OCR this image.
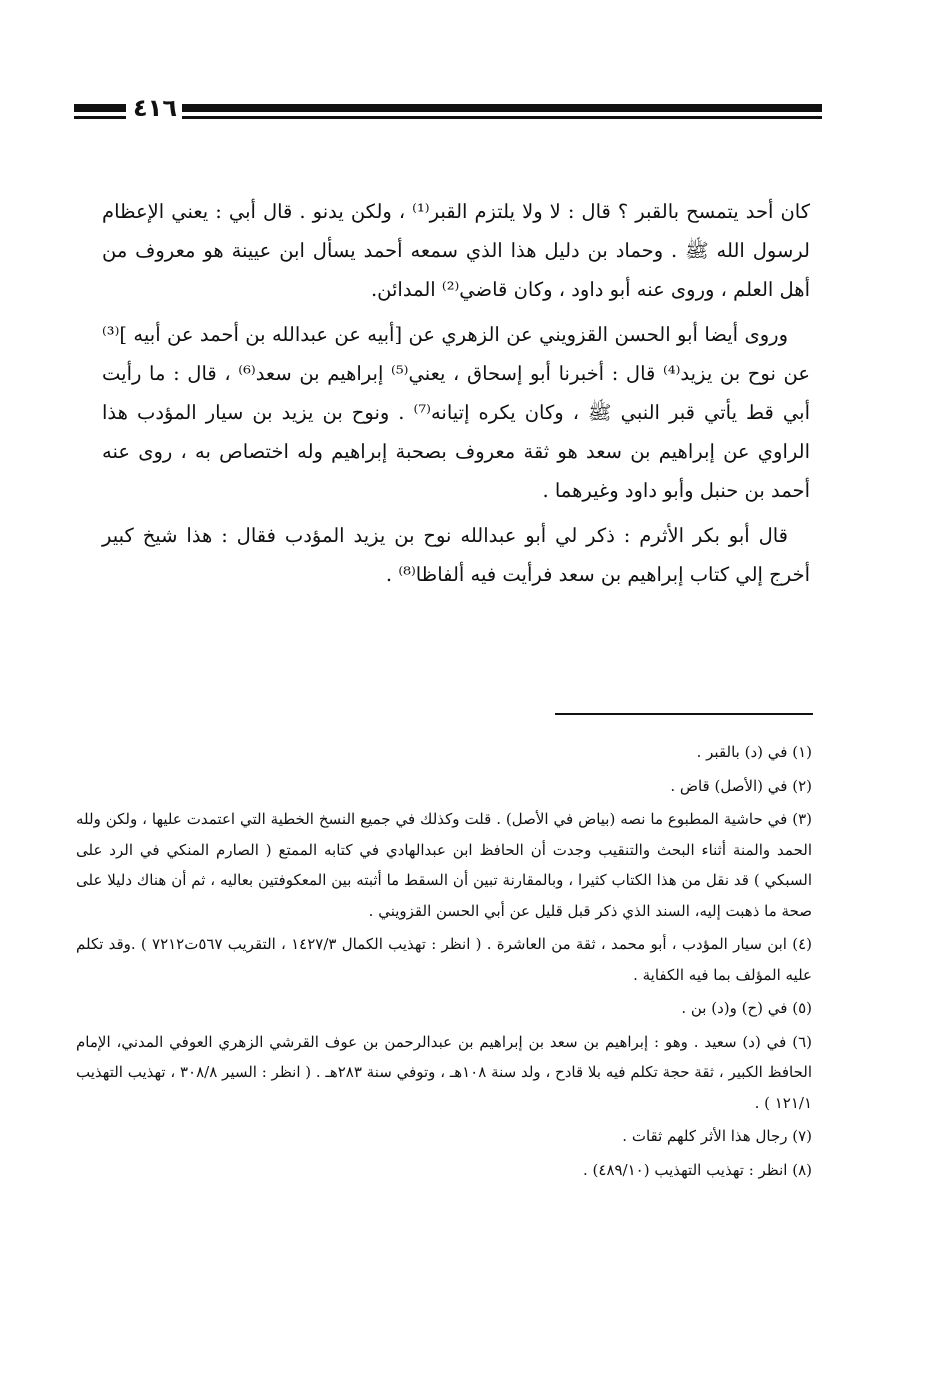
٤١٦

كان أحد يتمسح بالقبر ؟ قال : لا ولا يلتزم القبر⁽¹⁾ ، ولكن يدنو . قال أبي : يعني الإعظام لرسول الله ﷺ . وحماد بن دليل هذا الذي سمعه أحمد يسأل ابن عيينة هو معروف من أهل العلم ، وروى عنه أبو داود ، وكان قاضي⁽²⁾ المدائن.

وروى أيضا أبو الحسن القزويني عن الزهري عن [أبيه عن عبدالله بن أحمد عن أبيه ]⁽³⁾ عن نوح بن يزيد⁽⁴⁾ قال : أخبرنا أبو إسحاق ، يعني⁽⁵⁾ إبراهيم بن سعد⁽⁶⁾ ، قال : ما رأيت أبي قط يأتي قبر النبي ﷺ ، وكان يكره إتيانه⁽⁷⁾ . ونوح بن يزيد بن سيار المؤدب هذا الراوي عن إبراهيم بن سعد هو ثقة معروف بصحبة إبراهيم وله اختصاص به ، روى عنه أحمد بن حنبل وأبو داود وغيرهما .

قال أبو بكر الأثرم : ذكر لي أبو عبدالله نوح بن يزيد المؤدب فقال : هذا شيخ كبير أخرج إلي كتاب إبراهيم بن سعد فرأيت فيه ألفاظا⁽⁸⁾ .

(١) في (د) بالقبر .

(٢) في (الأصل) قاض .

(٣) في حاشية المطبوع ما نصه (بياض في الأصل) . قلت وكذلك في جميع النسخ الخطية التي اعتمدت عليها ، ولكن ولله الحمد والمنة أثناء البحث والتنقيب وجدت أن الحافظ ابن عبدالهادي في كتابه الممتع ( الصارم المنكي في الرد على السبكي ) قد نقل من هذا الكتاب كثيرا ، وبالمقارنة تبين أن السقط ما أثبته بين المعكوفتين بعاليه ، ثم أن هناك دليلا على صحة ما ذهبت إليه، السند الذي ذكر قبل قليل عن أبي الحسن القزويني .

(٤) ابن سيار المؤدب ، أبو محمد ، ثقة من العاشرة . ( انظر : تهذيب الكمال ١٤٢٧/٣ ، التقريب ٥٦٧ت٧٢١٢ ) .وقد تكلم عليه المؤلف بما فيه الكفاية .

(٥) في (ح) و(د) بن .

(٦) في (د) سعيد . وهو : إبراهيم بن سعد بن إبراهيم بن عبدالرحمن بن عوف القرشي الزهري العوفي المدني، الإمام الحافظ الكبير ، ثقة حجة تكلم فيه بلا قادح ، ولد سنة ١٠٨هـ ، وتوفي سنة ٢٨٣هـ . ( انظر : السير ٣٠٨/٨ ، تهذيب التهذيب ١٢١/١ ) .

(٧) رجال هذا الأثر كلهم ثقات .

(٨) انظر : تهذيب التهذيب (٤٨٩/١٠) .
